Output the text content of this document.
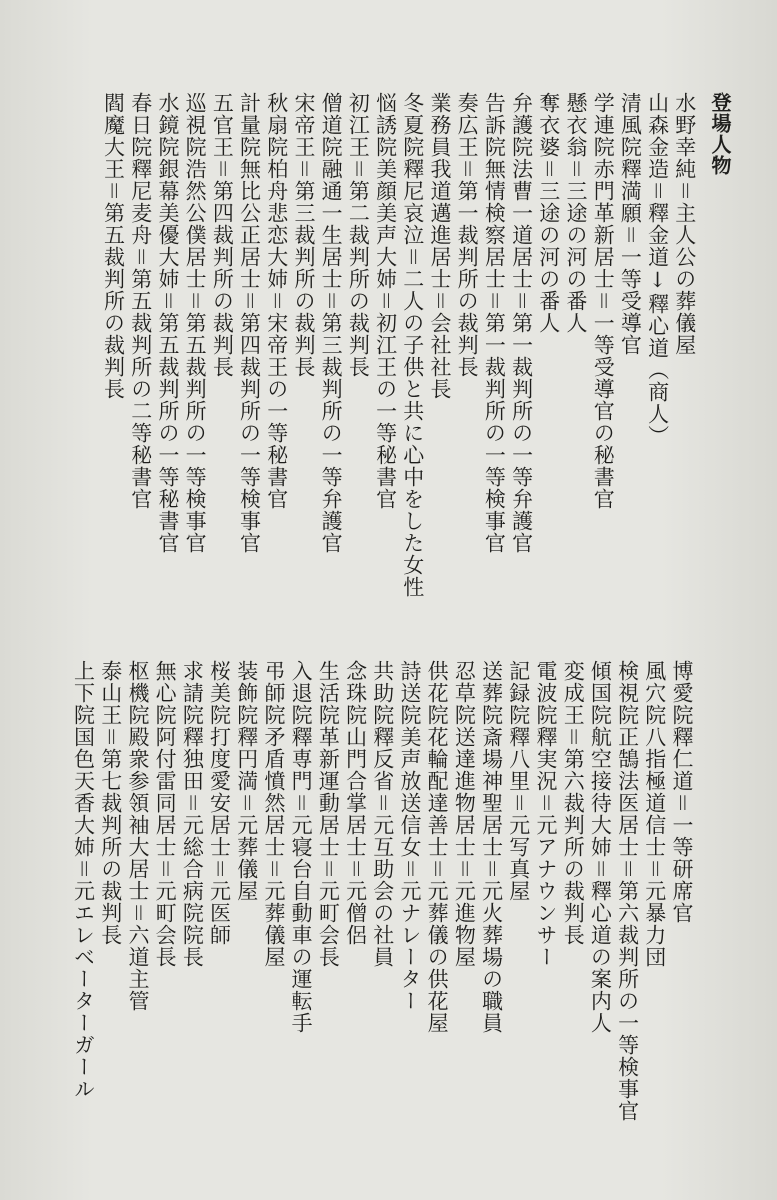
登場人物
水野幸純＝主人公の葬儀屋
山森金造＝釋金道↓釋心道（商人）
清風院釋満願＝一等受導官
学連院赤門革新居士＝一等受導官の秘書官
懸衣翁＝三途の河の番人
奪衣婆＝三途の河の番人
弁護院法曹一道居士＝第一裁判所の一等弁護官
告訴院無情検察居士＝第一裁判所の一等検事官
奏広王＝第一裁判所の裁判長
業務員我道邁進居士＝会社社長
冬夏院釋尼哀泣＝二人の子供と共に心中をした女性
悩誘院美顔美声大姉＝初江王の一等秘書官
初江王＝第二裁判所の裁判長
僧道院融通一生居士＝第三裁判所の一等弁護官
宋帝王＝第三裁判所の裁判長
秋扇院柏舟悲恋大姉＝宋帝王の一等秘書官
計量院無比公正居士＝第四裁判所の一等検事官
五官王＝第四裁判所の裁判長
巡視院浩然公僕居士＝第五裁判所の一等検事官
水鏡院銀幕美優大姉＝第五裁判所の一等秘書官
春日院釋尼麦舟＝第五裁判所の二等秘書官
閻魔大王＝第五裁判所の裁判長
博愛院釋仁道＝一等研席官
風穴院八指極道信士＝元暴力団
検視院正鵠法医居士＝第六裁判所の一等検事官
傾国院航空接待大姉＝釋心道の案内人
変成王＝第六裁判所の裁判長
電波院釋実況＝元アナウンサー
記録院釋八里＝元写真屋
送葬院斎場神聖居士＝元火葬場の職員
忍草院送達進物居士＝元進物屋
供花院花輪配達善士＝元葬儀の供花屋
詩送院美声放送信女＝元ナレーター
共助院釋反省＝元互助会の社員
念珠院山門合掌居士＝元僧侶
生活院革新運動居士＝元町会長
入退院釋専門＝元寝台自動車の運転手
弔師院矛盾憤然居士＝元葬儀屋
装飾院釋円満＝元葬儀屋
桜美院打度愛安居士＝元医師
求請院釋独田＝元総合病院院長
無心院阿付雷同居士＝元町会長
枢機院殿衆参領袖大居士＝六道主管
泰山王＝第七裁判所の裁判長
上下院国色天香大姉＝元エレベーターガール
